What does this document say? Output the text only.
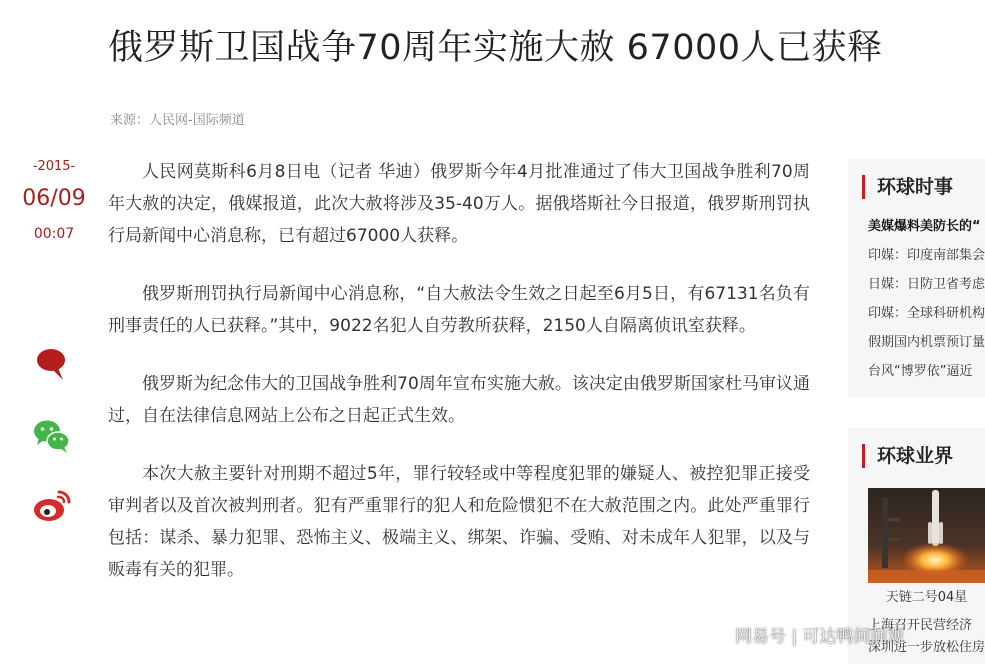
俄罗斯卫国战争70周年实施大赦 67000人已获释
来源：人民网-国际频道
-2015-
06/09
00:07

人民网莫斯科6月8日电（记者 华迪）俄罗斯今年4月批准通过了伟大卫国战争胜利70周年大赦的决定，俄媒报道，此次大赦将涉及35-40万人。据俄塔斯社今日报道，俄罗斯刑罚执行局新闻中心消息称，已有超过67000人获释。

俄罗斯刑罚执行局新闻中心消息称，“自大赦法令生效之日起至6月5日，有67131名负有刑事责任的人已获释。”其中，9022名犯人自劳教所获释，2150人自隔离侦讯室获释。

俄罗斯为纪念伟大的卫国战争胜利70周年宣布实施大赦。该决定由俄罗斯国家杜马审议通过，自在法律信息网站上公布之日起正式生效。

本次大赦主要针对刑期不超过5年，罪行较轻或中等程度犯罪的嫌疑人、被控犯罪正接受审判者以及首次被判刑者。犯有严重罪行的犯人和危险惯犯不在大赦范围之内。此处严重罪行包括：谋杀、暴力犯罪、恐怖主义、极端主义、绑架、诈骗、受贿、对未成年人犯罪，以及与贩毒有关的犯罪。

环球时事
美媒爆料美防长的“
印媒：印度南部集会
日媒：日防卫省考虑
印媒：全球科研机构
假期国内机票预订量
台风“博罗依”逼近
环球业界
天链二号04星
上海召开民营经济
深圳进一步放松住房
网易号 | 可达鸭间间观
